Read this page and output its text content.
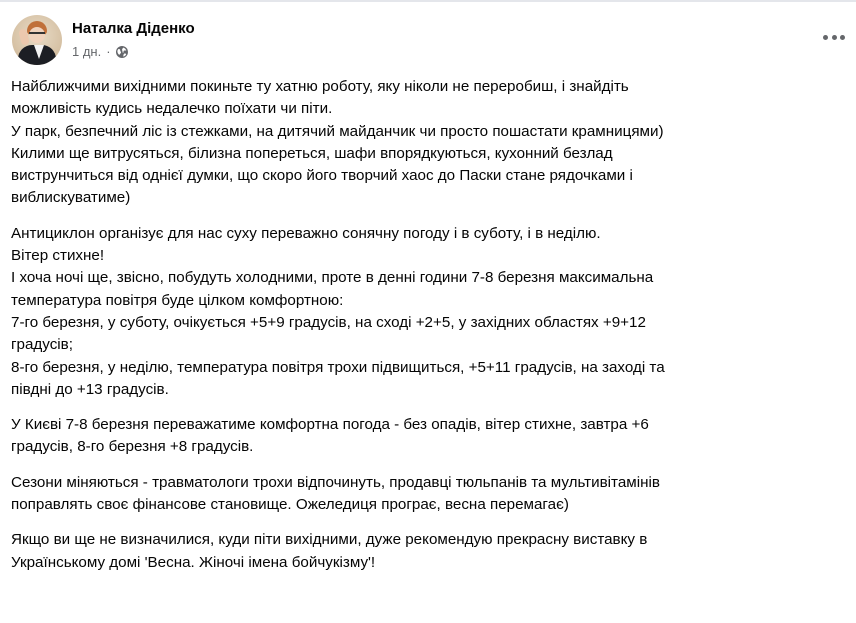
Наталка Діденко
1 дн. ·
Найближчими вихідними покиньте ту хатню роботу, яку ніколи не переробиш, і знайдіть
можливість кудись недалечко поїхати чи піти.
У парк, безпечний ліс із стежками, на дитячий майданчик чи просто пошастати крамницями)
Килими ще витрусяться, білизна попереться, шафи впорядкуються, кухонний безлад
виструнчиться від однієї думки, що скоро його творчий хаос до Паски стане рядочками і
виблискуватиме)
Антициклон організує для нас суху переважно сонячну погоду і в суботу, і в неділю.
Вітер стихне!
І хоча ночі ще, звісно, побудуть холодними, проте в денні години 7-8 березня максимальна
температура повітря буде цілком комфортною:
7-го березня, у суботу, очікується +5+9 градусів, на сході +2+5, у західних областях +9+12
градусів;
8-го березня, у неділю, температура повітря трохи підвищиться, +5+11 градусів, на заході та
півдні до +13 градусів.
У Києві 7-8 березня переважатиме комфортна погода - без опадів, вітер стихне, завтра +6
градусів, 8-го березня +8 градусів.
Сезони міняються - травматологи трохи відпочинуть, продавці тюльпанів та мультивітамінів
поправлять своє фінансове становище. Ожеледиця програє, весна перемагає)
Якщо ви ще не визначилися, куди піти вихідними, дуже рекомендую прекрасну виставку в
Українському домі 'Весна. Жіночі імена бойчукізму'!
